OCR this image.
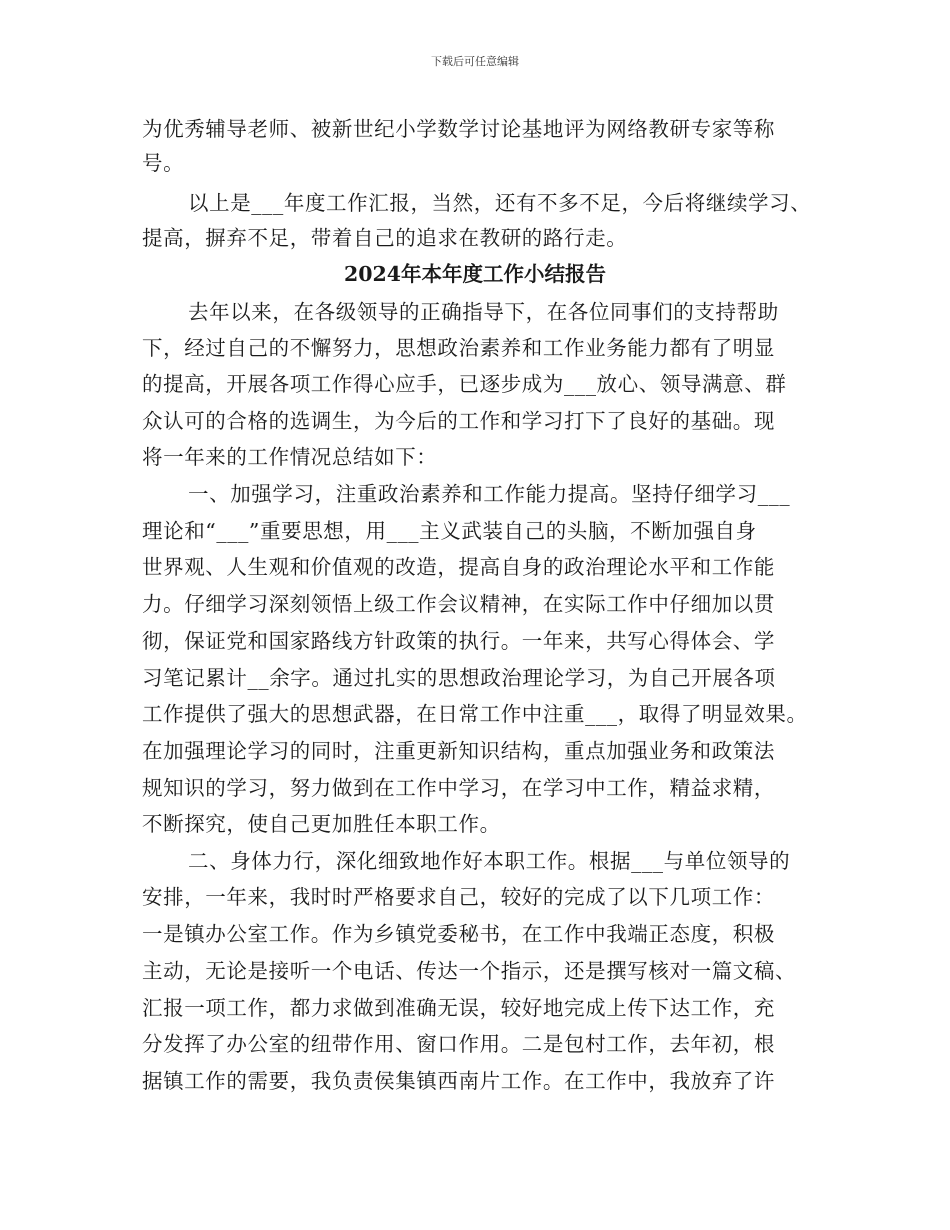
下载后可任意编辑
为优秀辅导老师、被新世纪小学数学讨论基地评为网络教研专家等称
号。
以上是___年度工作汇报，当然，还有不多不足，今后将继续学习、
提高，摒弃不足，带着自己的追求在教研的路行走。
2024年本年度工作小结报告
去年以来，在各级领导的正确指导下，在各位同事们的支持帮助
下，经过自己的不懈努力，思想政治素养和工作业务能力都有了明显
的提高，开展各项工作得心应手，已逐步成为___放心、领导满意、群
众认可的合格的选调生，为今后的工作和学习打下了良好的基础。现
将一年来的工作情况总结如下：
一、加强学习，注重政治素养和工作能力提高。坚持仔细学习___
理论和“___”重要思想，用___主义武装自己的头脑，不断加强自身
世界观、人生观和价值观的改造，提高自身的政治理论水平和工作能
力。仔细学习深刻领悟上级工作会议精神，在实际工作中仔细加以贯
彻，保证党和国家路线方针政策的执行。一年来，共写心得体会、学
习笔记累计__余字。通过扎实的思想政治理论学习，为自己开展各项
工作提供了强大的思想武器，在日常工作中注重___，取得了明显效果。
在加强理论学习的同时，注重更新知识结构，重点加强业务和政策法
规知识的学习，努力做到在工作中学习，在学习中工作，精益求精，
不断探究，使自己更加胜任本职工作。
二、身体力行，深化细致地作好本职工作。根据___与单位领导的
安排，一年来，我时时严格要求自己，较好的完成了以下几项工作：
一是镇办公室工作。作为乡镇党委秘书，在工作中我端正态度，积极
主动，无论是接听一个电话、传达一个指示，还是撰写核对一篇文稿、
汇报一项工作，都力求做到准确无误，较好地完成上传下达工作，充
分发挥了办公室的纽带作用、窗口作用。二是包村工作，去年初，根
据镇工作的需要，我负责侯集镇西南片工作。在工作中，我放弃了许
